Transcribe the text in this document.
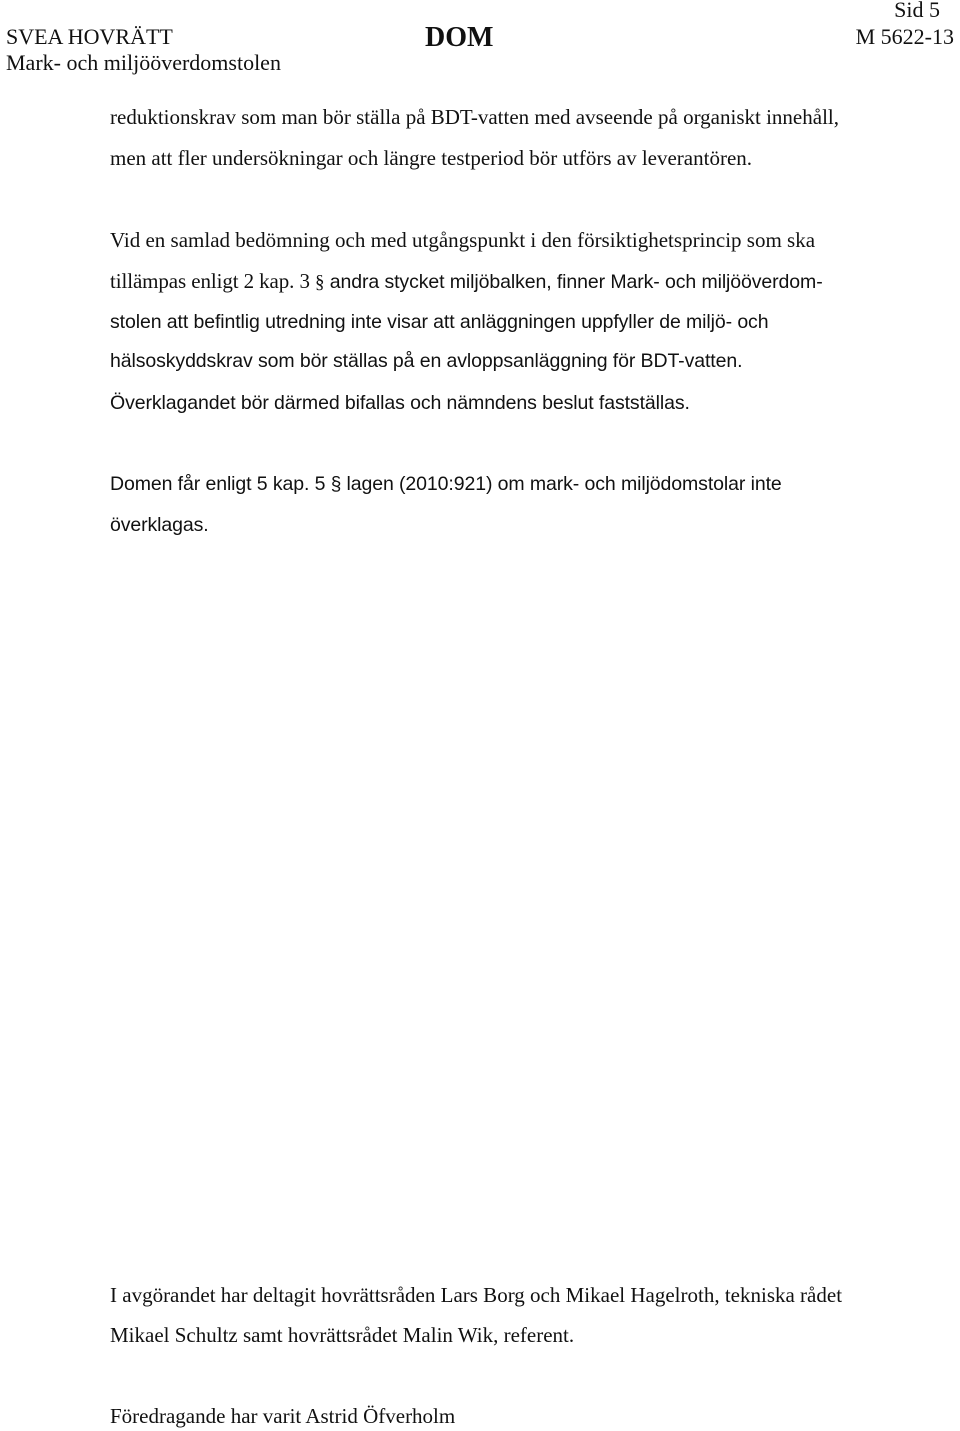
Sid 5
SVEA HOVRÄTT	DOM	M 5622-13
Mark- och miljööverdomstolen
reduktionskrav som man bör ställa på BDT-vatten med avseende på organiskt innehåll,
men att fler undersökningar och längre testperiod bör utförs av leverantören.
Vid en samlad bedömning och med utgångspunkt i den försiktighetsprincip som ska
tillämpas enligt 2 kap. 3 § andra stycket miljöbalken, finner Mark- och miljööverdom-
stolen att befintlig utredning inte visar att anläggningen uppfyller de miljö- och
hälsoskyddskrav som bör ställas på en avloppsanläggning för BDT-vatten.
Överklagandet bör därmed bifallas och nämndens beslut fastställas.
Domen får enligt 5 kap. 5 § lagen (2010:921) om mark- och miljödomstolar inte
överklagas.
I avgörandet har deltagit hovrättsråden Lars Borg och Mikael Hagelroth, tekniska rådet
Mikael Schultz samt hovrättsrådet Malin Wik, referent.
Föredragande har varit Astrid Öfverholm
